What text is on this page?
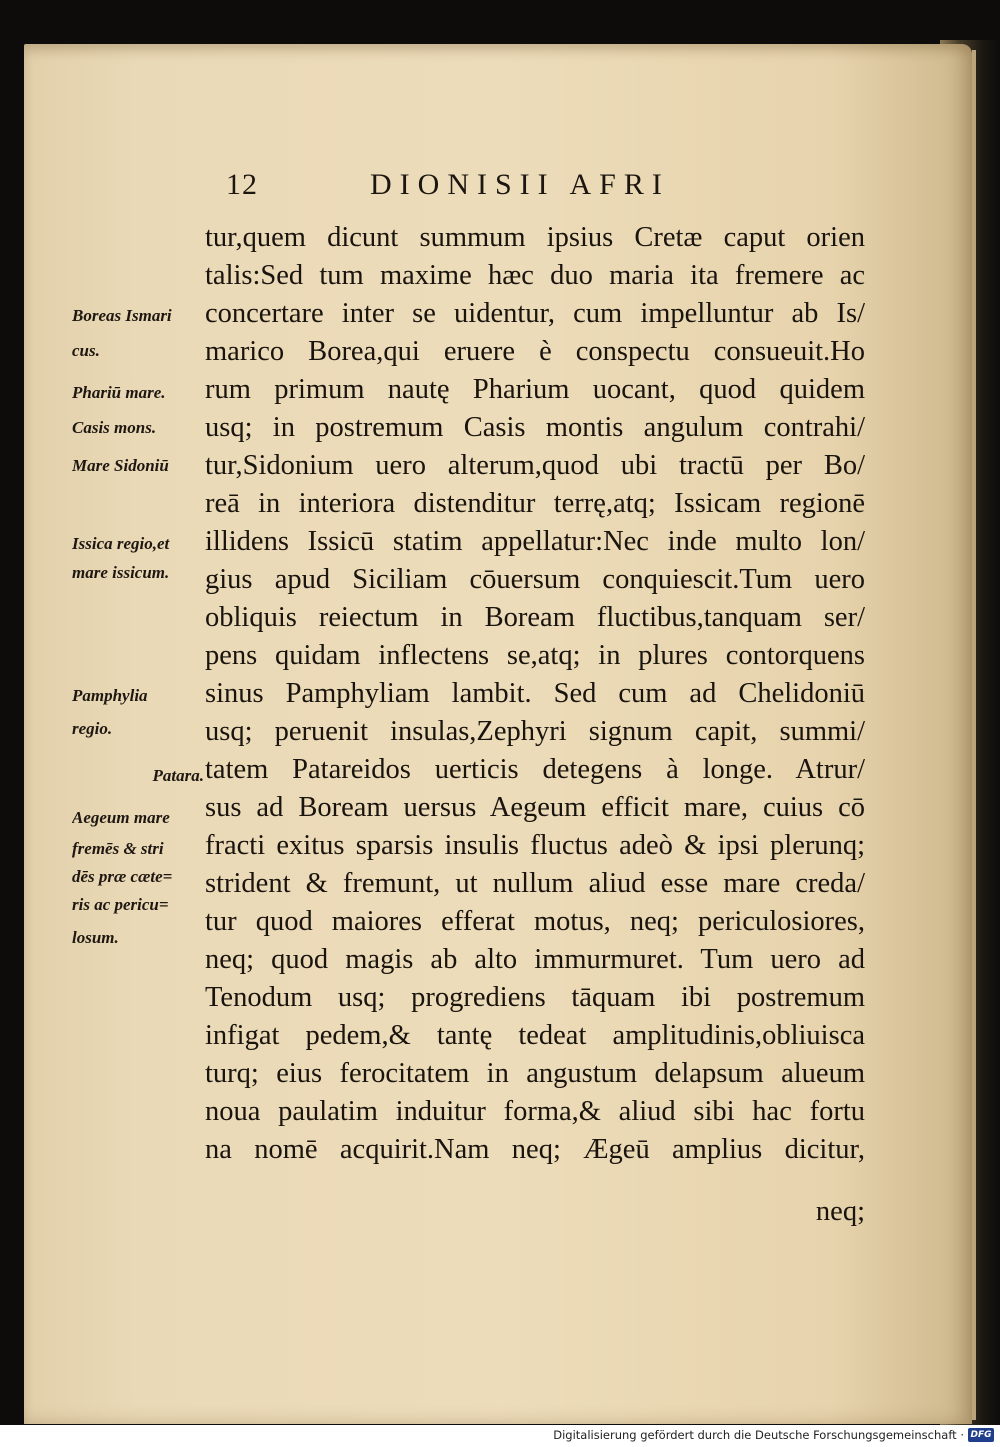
12	DIONISII AFRI
tur,quem dicunt summum ipsius Cretæ caput orien
talis:Sed tum maxime hæc duo maria ita fremere ac
concertare inter se uidentur, cum impelluntur ab Is/
marico Borea,qui eruere è conspectu consueuit.Ho
rum primum nautę Pharium uocant, quod quidem
usq; in postremum Casis montis angulum contrahi/
tur,Sidonium uero alterum,quod ubi tractū per Bo/
reā in interiora distenditur terrę,atq; Issicam regionē
illidens Issicū statim appellatur:Nec inde multo lon/
gius apud Siciliam cōuersum conquiescit.Tum uero
obliquis reiectum in Boream fluctibus,tanquam ser/
pens quidam inflectens se,atq; in plures contorquens
sinus Pamphyliam lambit. Sed cum ad Chelidoniū
usq; peruenit insulas,Zephyri signum capit, summi/
tatem Patareidos uerticis detegens à longe. Atrur/
sus ad Boream uersus Aegeum efficit mare, cuius cō
fracti exitus sparsis insulis fluctus adeò & ipsi plerunq;
strident & fremunt, ut nullum aliud esse mare creda/
tur quod maiores efferat motus, neq; periculosiores,
neq; quod magis ab alto immurmuret. Tum uero ad
Tenodum usq; progrediens tāquam ibi postremum
infigat pedem,& tantę tedeat amplitudinis,obliuisca
turq; eius ferocitatem in angustum delapsum alueum
noua paulatim induitur forma,& aliud sibi hac fortu
na nomē acquirit.Nam neq; Ægeū amplius dicitur,
neq;
Boreas Ismari
cus.
Phariū mare.
Casis mons.
Mare Sidoniū
Issica regio,et
mare issicum.
Pamphylia
regio.
Patara.
Aegeum mare
fremēs & stri
dēs præ cæte=
ris ac pericu=
losum.
Digitalisierung gefördert durch die Deutsche Forschungsgemeinschaft · DFG
